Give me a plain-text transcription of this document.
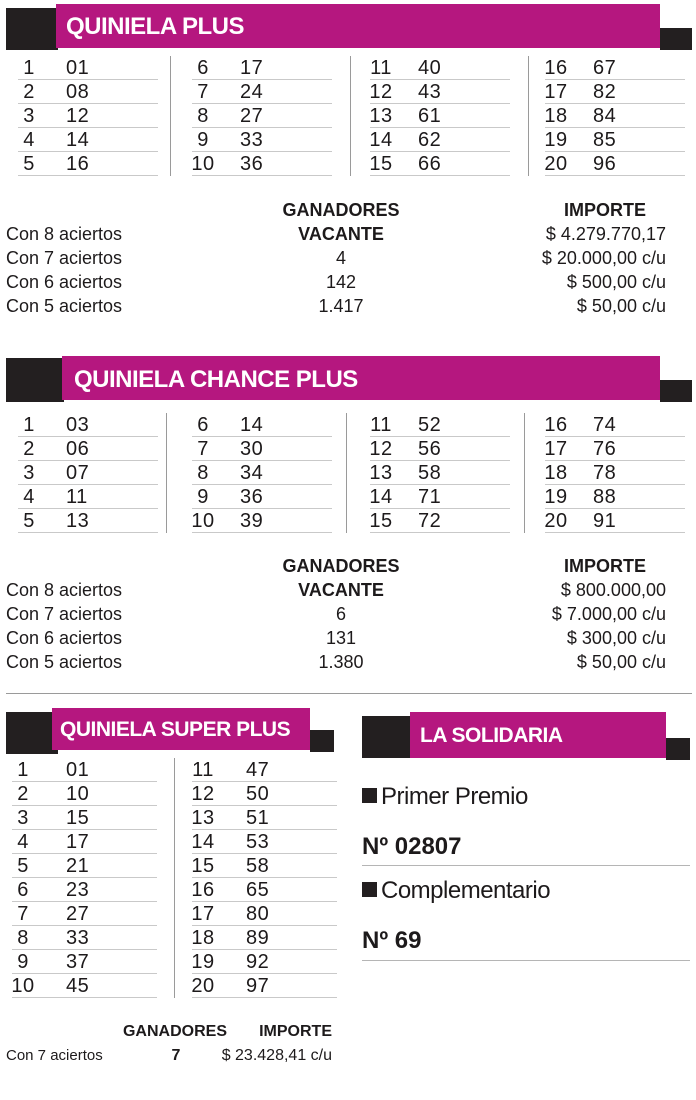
QUINIELA PLUS
1	01
2	08
3	12
4	14
5	16
6	17
7	24
8	27
9	33
10 36
11 40
12 43
13 61
14 62
15 66
16 67
17 82
18 84
19 85
20 96
GANADORES	IMPORTE
Con 8 aciertos	VACANTE	$ 4.279.770,17
Con 7 aciertos	4	$ 20.000,00 c/u
Con 6 aciertos	142	$ 500,00 c/u
Con 5 aciertos	1.417	$ 50,00 c/u
QUINIELA CHANCE PLUS
1	03
2	06
3	07
4	11
5	13
6	14
7	30
8	34
9	36
10 39
11 52
12 56
13 58
14 71
15 72
16 74
17 76
18 78
19 88
20 91
GANADORES	IMPORTE
Con 8 aciertos	VACANTE	$ 800.000,00
Con 7 aciertos	6	$ 7.000,00 c/u
Con 6 aciertos	131	$ 300,00 c/u
Con 5 aciertos	1.380	$ 50,00 c/u
QUINIELA SUPER PLUS
1	01
2	10
3	15
4	17
5	21
6	23
7	27
8	33
9	37
10 45
11 47
12 50
13 51
14 53
15 58
16 65
17 80
18 89
19 92
20 97
GANADORES	IMPORTE
Con 7 aciertos	7	$ 23.428,41 c/u
LA SOLIDARIA
Primer Premio
Nº 02807
Complementario
Nº 69
